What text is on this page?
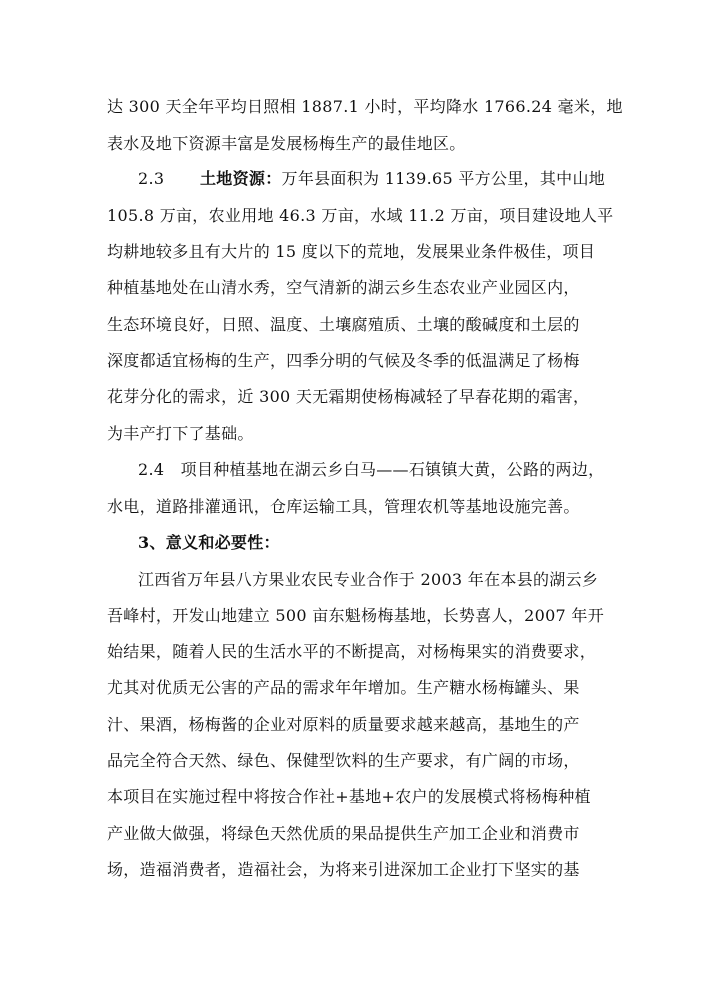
达 300 天全年平均日照相 1887.1 小时，平均降水 1766.24 毫米，地
表水及地下资源丰富是发展杨梅生产的最佳地区。
2.3 土地资源：万年县面积为 1139.65 平方公里，其中山地
105.8 万亩，农业用地 46.3 万亩，水域 11.2 万亩，项目建设地人平
均耕地较多且有大片的 15 度以下的荒地，发展果业条件极佳，项目
种植基地处在山清水秀，空气清新的湖云乡生态农业产业园区内，
生态环境良好，日照、温度、土壤腐殖质、土壤的酸碱度和土层的
深度都适宜杨梅的生产，四季分明的气候及冬季的低温满足了杨梅
花芽分化的需求，近 300 天无霜期使杨梅减轻了早春花期的霜害，
为丰产打下了基础。
2.4　项目种植基地在湖云乡白马——石镇镇大黄，公路的两边，
水电，道路排灌通讯，仓库运输工具，管理农机等基地设施完善。
3、意义和必要性：
江西省万年县八方果业农民专业合作于 2003 年在本县的湖云乡
吾峰村，开发山地建立 500 亩东魁杨梅基地，长势喜人，2007 年开
始结果，随着人民的生活水平的不断提高，对杨梅果实的消费要求，
尤其对优质无公害的产品的需求年年增加。生产糖水杨梅罐头、果
汁、果酒，杨梅酱的企业对原料的质量要求越来越高，基地生的产
品完全符合天然、绿色、保健型饮料的生产要求，有广阔的市场，
本项目在实施过程中将按合作社+基地+农户的发展模式将杨梅种植
产业做大做强，将绿色天然优质的果品提供生产加工企业和消费市
场，造福消费者，造福社会，为将来引进深加工企业打下坚实的基
